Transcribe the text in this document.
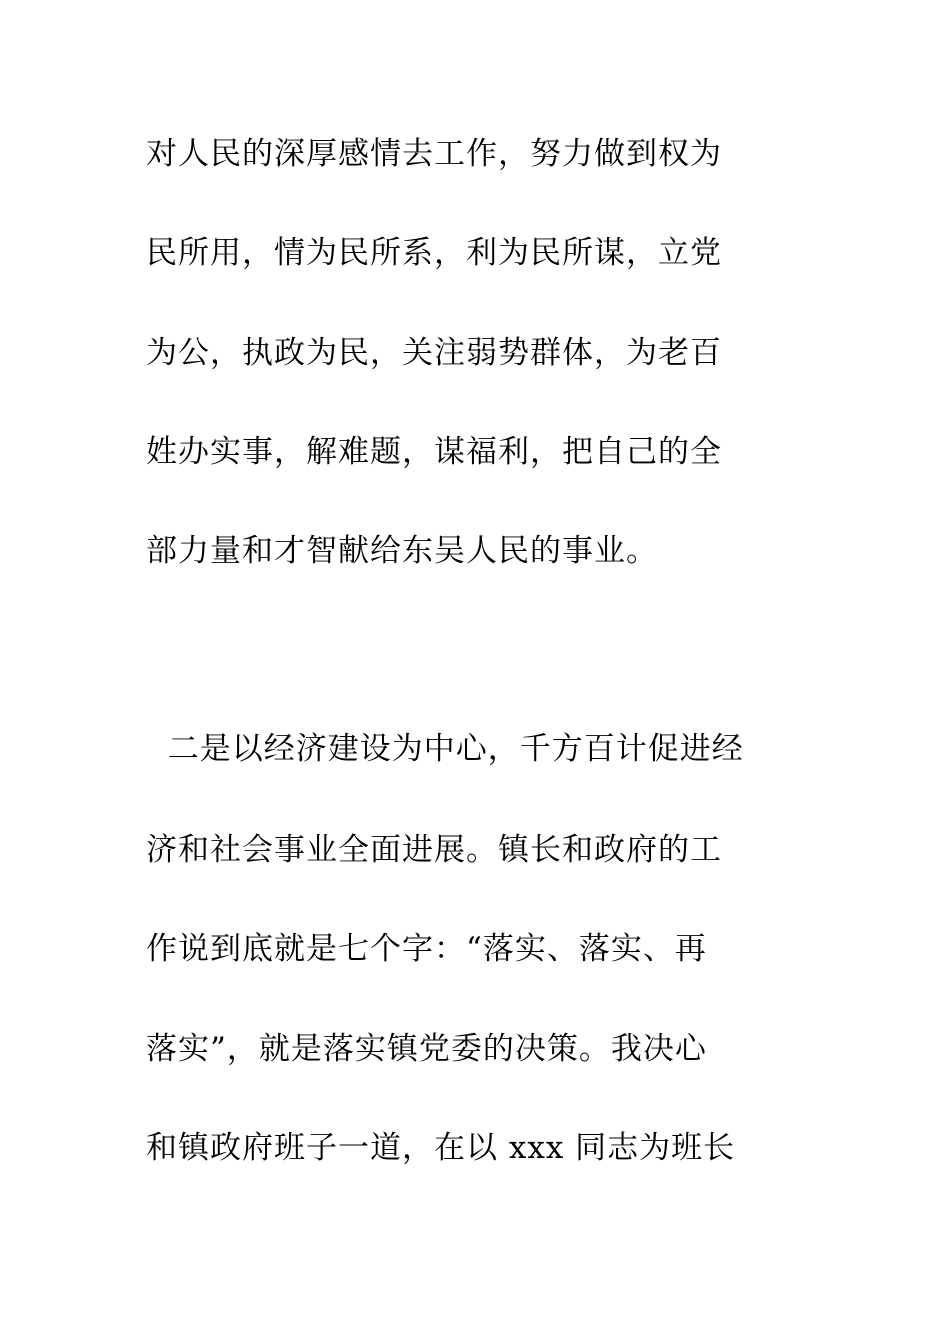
对人民的深厚感情去工作，努力做到权为
民所用，情为民所系，利为民所谋，立党
为公，执政为民，关注弱势群体，为老百
姓办实事，解难题，谋福利，把自己的全
部力量和才智献给东吴人民的事业。
二是以经济建设为中心，千方百计促进经
济和社会事业全面进展。镇长和政府的工
作说到底就是七个字：“落实、落实、再
落实”，就是落实镇党委的决策。我决心
和镇政府班子一道，在以 xxx 同志为班长
